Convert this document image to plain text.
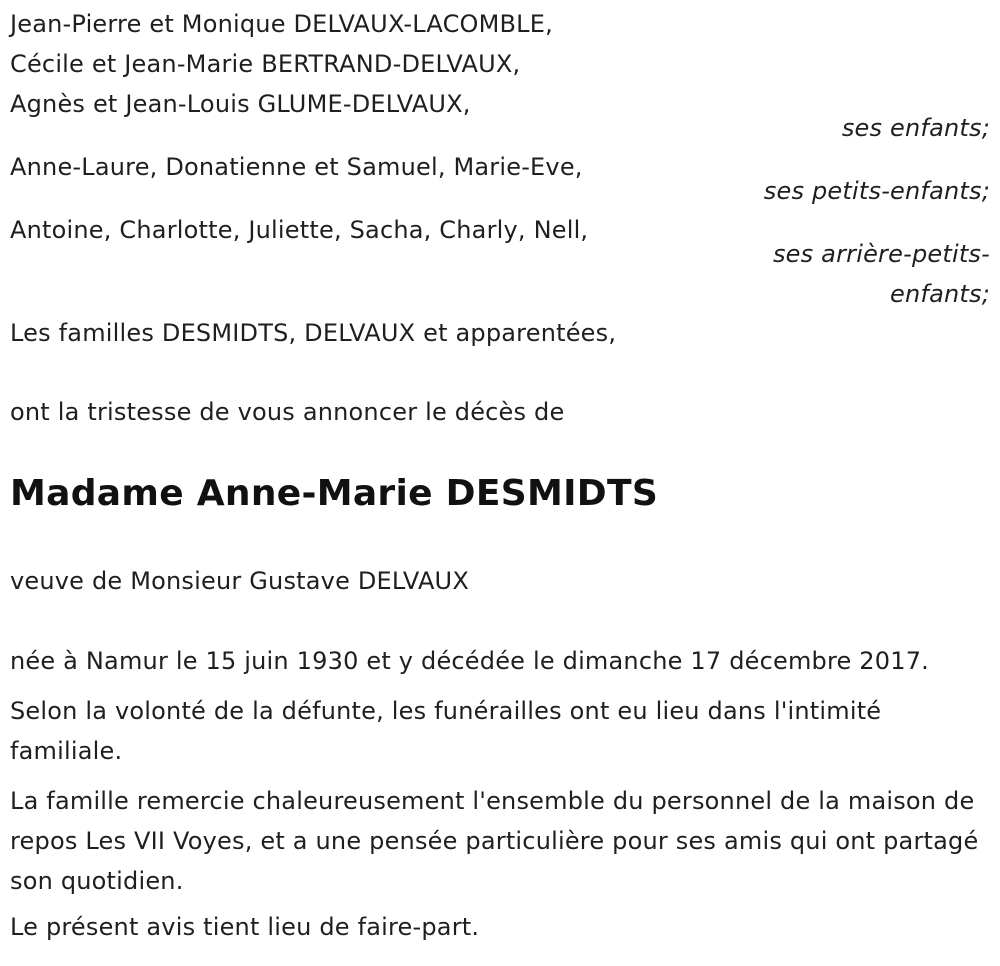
Jean-Pierre et Monique DELVAUX-LACOMBLE,
Cécile et Jean-Marie BERTRAND-DELVAUX,
Agnès et Jean-Louis GLUME-DELVAUX,
ses enfants;
Anne-Laure, Donatienne et Samuel, Marie-Eve,
ses petits-enfants;
Antoine, Charlotte, Juliette, Sacha, Charly, Nell,
ses arrière-petits-
enfants;
Les familles DESMIDTS, DELVAUX et apparentées,
ont la tristesse de vous annoncer le décès de
Madame Anne-Marie DESMIDTS
veuve de Monsieur Gustave DELVAUX
née à Namur le 15 juin 1930 et y décédée le dimanche 17 décembre 2017.
Selon la volonté de la défunte, les funérailles ont eu lieu dans l'intimité familiale.
La famille remercie chaleureusement l'ensemble du personnel de la maison de repos Les VII Voyes, et a une pensée particulière pour ses amis qui ont partagé son quotidien.
Le présent avis tient lieu de faire-part.
